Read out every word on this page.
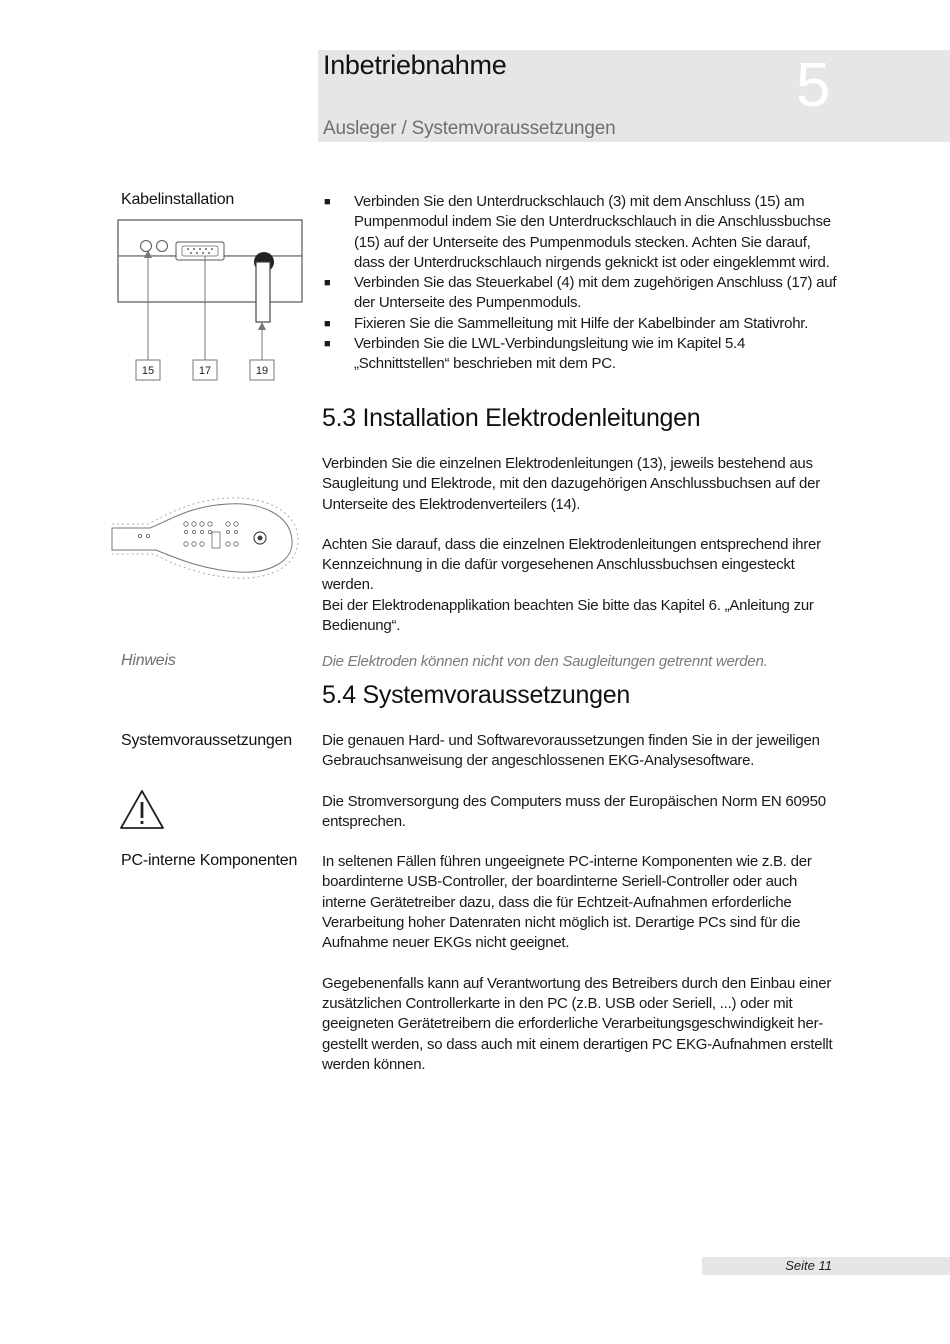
Inbetriebnahme
Ausleger / Systemvoraussetzungen
5
Kabelinstallation
Hinweis
Systemvoraussetzungen
PC-interne Komponenten
15	17	19
■ Verbinden Sie den Unterdruckschlauch (3) mit dem Anschluss (15) am Pumpenmodul indem Sie den Unterdruckschlauch in die Anschlussbuchse (15) auf der Unterseite des Pumpenmoduls stecken. Achten Sie darauf, dass der Unterdruckschlauch nirgends geknickt ist oder eingeklemmt wird.
■ Verbinden Sie das Steuerkabel (4) mit dem zugehörigen Anschluss (17) auf der Unterseite des Pumpenmoduls.
■ Fixieren Sie die Sammelleitung mit Hilfe der Kabelbinder am Stativrohr.
■ Verbinden Sie die LWL-Verbindungsleitung wie im Kapitel 5.4 „Schnittstellen“ beschrieben mit dem PC.
5.3 Installation Elektrodenleitungen

Verbinden Sie die einzelnen Elektrodenleitungen (13), jeweils bestehend aus Saugleitung und Elektrode, mit den dazugehörigen Anschlussbuchsen auf der Unterseite des Elektrodenverteilers (14).

Achten Sie darauf, dass die einzelnen Elektrodenleitungen entsprechend ihrer Kennzeichnung in die dafür vorgesehenen Anschlussbuchsen eingesteckt werden.

Bei der Elektrodenapplikation beachten Sie bitte das Kapitel 6. „Anleitung zur Bedienung“.

Die Elektroden können nicht von den Saugleitungen getrennt werden.
5.4 Systemvoraussetzungen

Die genauen Hard- und Softwarevoraussetzungen finden Sie in der jeweiligen Gebrauchsanweisung der angeschlossenen EKG-Analysesoftware.

Die Stromversorgung des Computers muss der Europäischen Norm EN 60950 entsprechen.

In seltenen Fällen führen ungeeignete PC-interne Komponenten wie z.B. der boardinterne USB-Controller, der boardinterne Seriell-Controller oder auch interne Gerätetreiber dazu, dass die für Echtzeit-Aufnahmen erforderliche Verarbeitung hoher Datenraten nicht möglich ist. Derartige PCs sind für die Aufnahme neuer EKGs nicht geeignet.

Gegebenenfalls kann auf Verantwortung des Betreibers durch den Einbau einer zusätzlichen Controllerkarte in den PC (z.B. USB oder Seriell, ...) oder mit geeigneten Gerätetreibern die erforderliche Verarbeitungsgeschwindigkeit her-gestellt werden, so dass auch mit einem derartigen PC EKG-Aufnahmen erstellt werden können.

Seite 11
